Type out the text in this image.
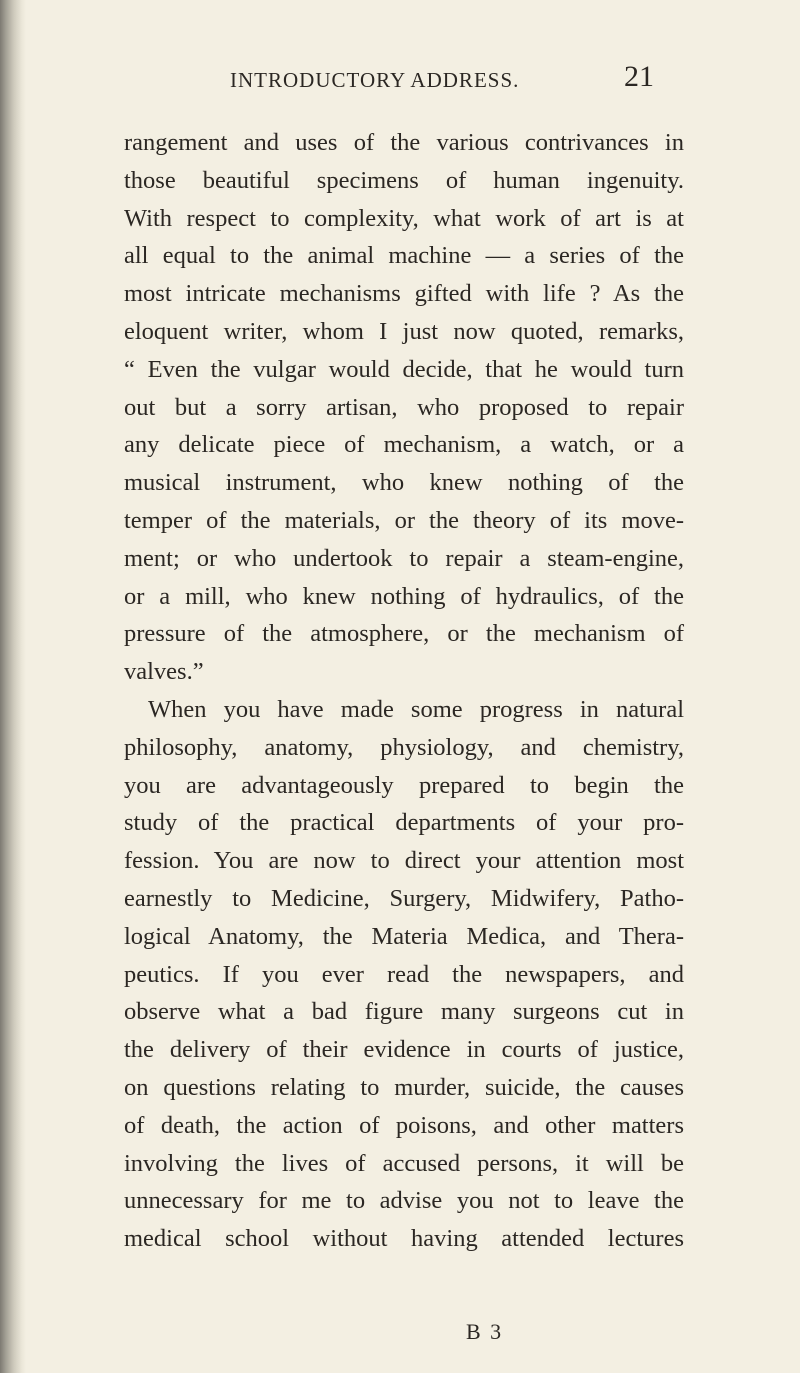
INTRODUCTORY ADDRESS.	21
rangement and uses of the various contrivances in
those beautiful specimens of human ingenuity.
With respect to complexity, what work of art is at
all equal to the animal machine — a series of the
most intricate mechanisms gifted with life ? As the
eloquent writer, whom I just now quoted, remarks,
“ Even the vulgar would decide, that he would turn
out but a sorry artisan, who proposed to repair
any delicate piece of mechanism, a watch, or a
musical instrument, who knew nothing of the
temper of the materials, or the theory of its move-
ment; or who undertook to repair a steam-engine,
or a mill, who knew nothing of hydraulics, of the
pressure of the atmosphere, or the mechanism of
valves.”
When you have made some progress in natural
philosophy, anatomy, physiology, and chemistry,
you are advantageously prepared to begin the
study of the practical departments of your pro-
fession. You are now to direct your attention most
earnestly to Medicine, Surgery, Midwifery, Patho-
logical Anatomy, the Materia Medica, and Thera-
peutics. If you ever read the newspapers, and
observe what a bad figure many surgeons cut in
the delivery of their evidence in courts of justice,
on questions relating to murder, suicide, the causes
of death, the action of poisons, and other matters
involving the lives of accused persons, it will be
unnecessary for me to advise you not to leave the
medical school without having attended lectures
B 3
